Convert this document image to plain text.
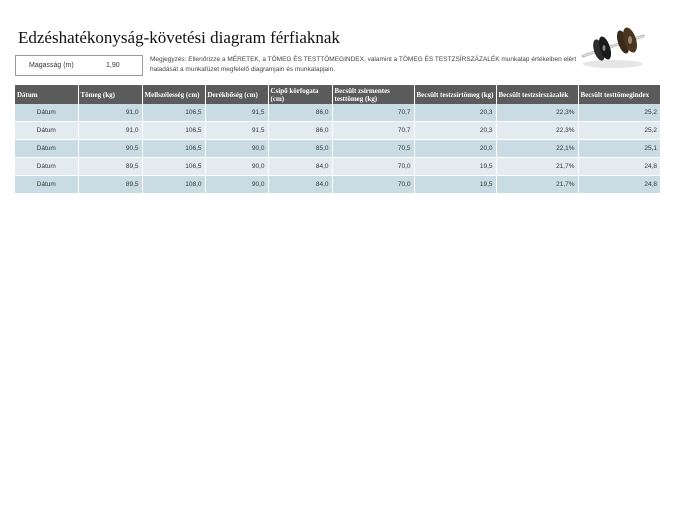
Edzéshatékonyság-követési diagram férfiaknak
Magasság (m)	1,90
Megjegyzés: Ellenőrizze a MÉRETEK, a TÖMEG ÉS TESTTÖMEGINDEX, valamint a TÖMEG ÉS TESTZSÍRSZÁZALÉK munkalap értékeiben elért haladását a munkafüzet megfelelő diagramjain és munkalapjain.
Dátum	Tömeg (kg)	Mellszélesség (cm)	Derékbőség (cm)	Csípő körfogata (cm)	Becsült zsírmentes testtömeg (kg)	Becsült testzsírtömeg (kg)	Becsült testzsírszázalék	Becsült testtömegindex
Dátum	91,0	106,5	91,5	86,0	70,7	20,3	22,3%	25,2
Dátum	91,0	106,5	91,5	86,0	70,7	20,3	22,3%	25,2
Dátum	90,5	106,5	90,0	85,0	70,5	20,0	22,1%	25,1
Dátum	89,5	106,5	90,0	84,0	70,0	19,5	21,7%	24,8
Dátum	89,5	108,0	90,0	84,0	70,0	19,5	21,7%	24,8
